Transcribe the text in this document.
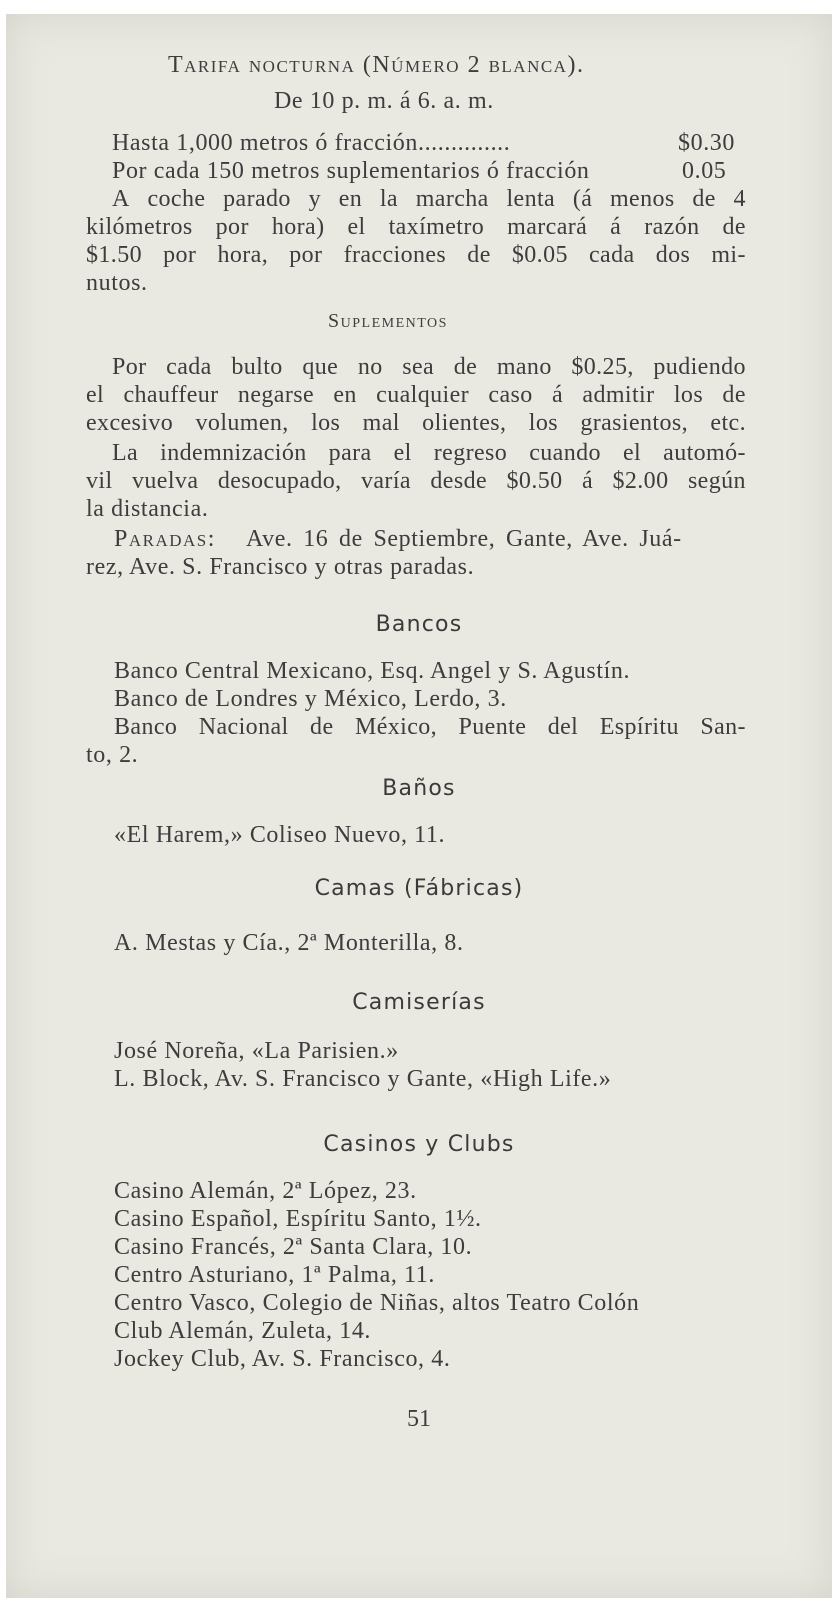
Tarifa nocturna (Número 2 blanca).
De 10 p. m. á 6. a. m.
Hasta 1,000 metros ó fracción..............	$0.30
Por cada 150 metros suplementarios ó fracción	0.05
A coche parado y en la marcha lenta (á menos de 4
kilómetros por hora) el taxímetro marcará á razón de
$1.50 por hora, por fracciones de $0.05 cada dos mi-
nutos.
Suplementos
Por cada bulto que no sea de mano $0.25, pudiendo
el chauffeur negarse en cualquier caso á admitir los de
excesivo volumen, los mal olientes, los grasientos, etc.
La indemnización para el regreso cuando el automó-
vil vuelva desocupado, varía desde $0.50 á $2.00 según
la distancia.
Paradas: Ave. 16 de Septiembre, Gante, Ave. Juá-
rez, Ave. S. Francisco y otras paradas.
Bancos
Banco Central Mexicano, Esq. Angel y S. Agustín.
Banco de Londres y México, Lerdo, 3.
Banco Nacional de México, Puente del Espíritu San-
to, 2.
Baños
«El Harem,» Coliseo Nuevo, 11.
Camas (Fábricas)
A. Mestas y Cía., 2ª Monterilla, 8.
Camiserías
José Noreña, «La Parisien.»
L. Block, Av. S. Francisco y Gante, «High Life.»
Casinos y Clubs
Casino Alemán, 2ª López, 23.
Casino Español, Espíritu Santo, 1½.
Casino Francés, 2ª Santa Clara, 10.
Centro Asturiano, 1ª Palma, 11.
Centro Vasco, Colegio de Niñas, altos Teatro Colón
Club Alemán, Zuleta, 14.
Jockey Club, Av. S. Francisco, 4.
51
